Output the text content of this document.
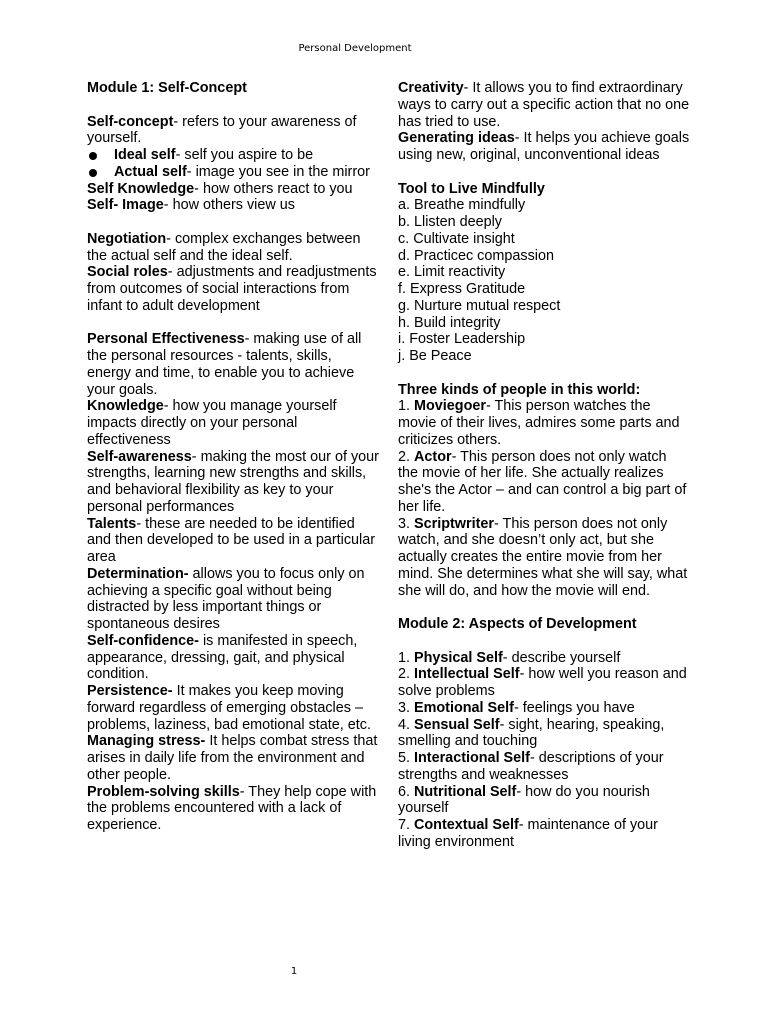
Personal Development

Module 1: Self-Concept

Self-concept- refers to your awareness of yourself.

Ideal self- self you aspire to be

Actual self- image you see in the mirror

Self Knowledge- how others react to you

Self- Image- how others view us

Negotiation- complex exchanges between the actual self and the ideal self.

Social roles- adjustments and readjustments from outcomes of social interactions from infant to adult development

Personal Effectiveness- making use of all the personal resources - talents, skills, energy and time, to enable you to achieve your goals.

Knowledge- how you manage yourself impacts directly on your personal effectiveness

Self-awareness- making the most our of your strengths, learning new strengths and skills, and behavioral flexibility as key to your personal performances

Talents- these are needed to be identified and then developed to be used in a particular area

Determination- allows you to focus only on achieving a specific goal without being distracted by less important things or spontaneous desires

Self-confidence- is manifested in speech, appearance, dressing, gait, and physical condition.

Persistence- It makes you keep moving forward regardless of emerging obstacles – problems, laziness, bad emotional state, etc.

Managing stress- It helps combat stress that arises in daily life from the environment and other people.

Problem-solving skills- They help cope with the problems encountered with a lack of experience.

Creativity- It allows you to find extraordinary ways to carry out a specific action that no one has tried to use.

Generating ideas- It helps you achieve goals using new, original, unconventional ideas

Tool to Live Mindfully

a. Breathe mindfully

b. Llisten deeply

c. Cultivate insight

d. Practicec compassion

e. Limit reactivity

f. Express Gratitude

g. Nurture mutual respect

h. Build integrity

i. Foster Leadership

j. Be Peace

Three kinds of people in this world:

1. Moviegoer- This person watches the movie of their lives, admires some parts and criticizes others.

2. Actor- This person does not only watch the movie of her life. She actually realizes she's the Actor – and can control a big part of her life.

3. Scriptwriter- This person does not only watch, and she doesn’t only act, but she actually creates the entire movie from her mind. She determines what she will say, what she will do, and how the movie will end.

Module 2: Aspects of Development

1. Physical Self- describe yourself

2. Intellectual Self- how well you reason and solve problems

3. Emotional Self- feelings you have

4. Sensual Self- sight, hearing, speaking, smelling and touching

5. Interactional Self- descriptions of your strengths and weaknesses

6. Nutritional Self- how do you nourish yourself

7. Contextual Self- maintenance of your living environment

1
